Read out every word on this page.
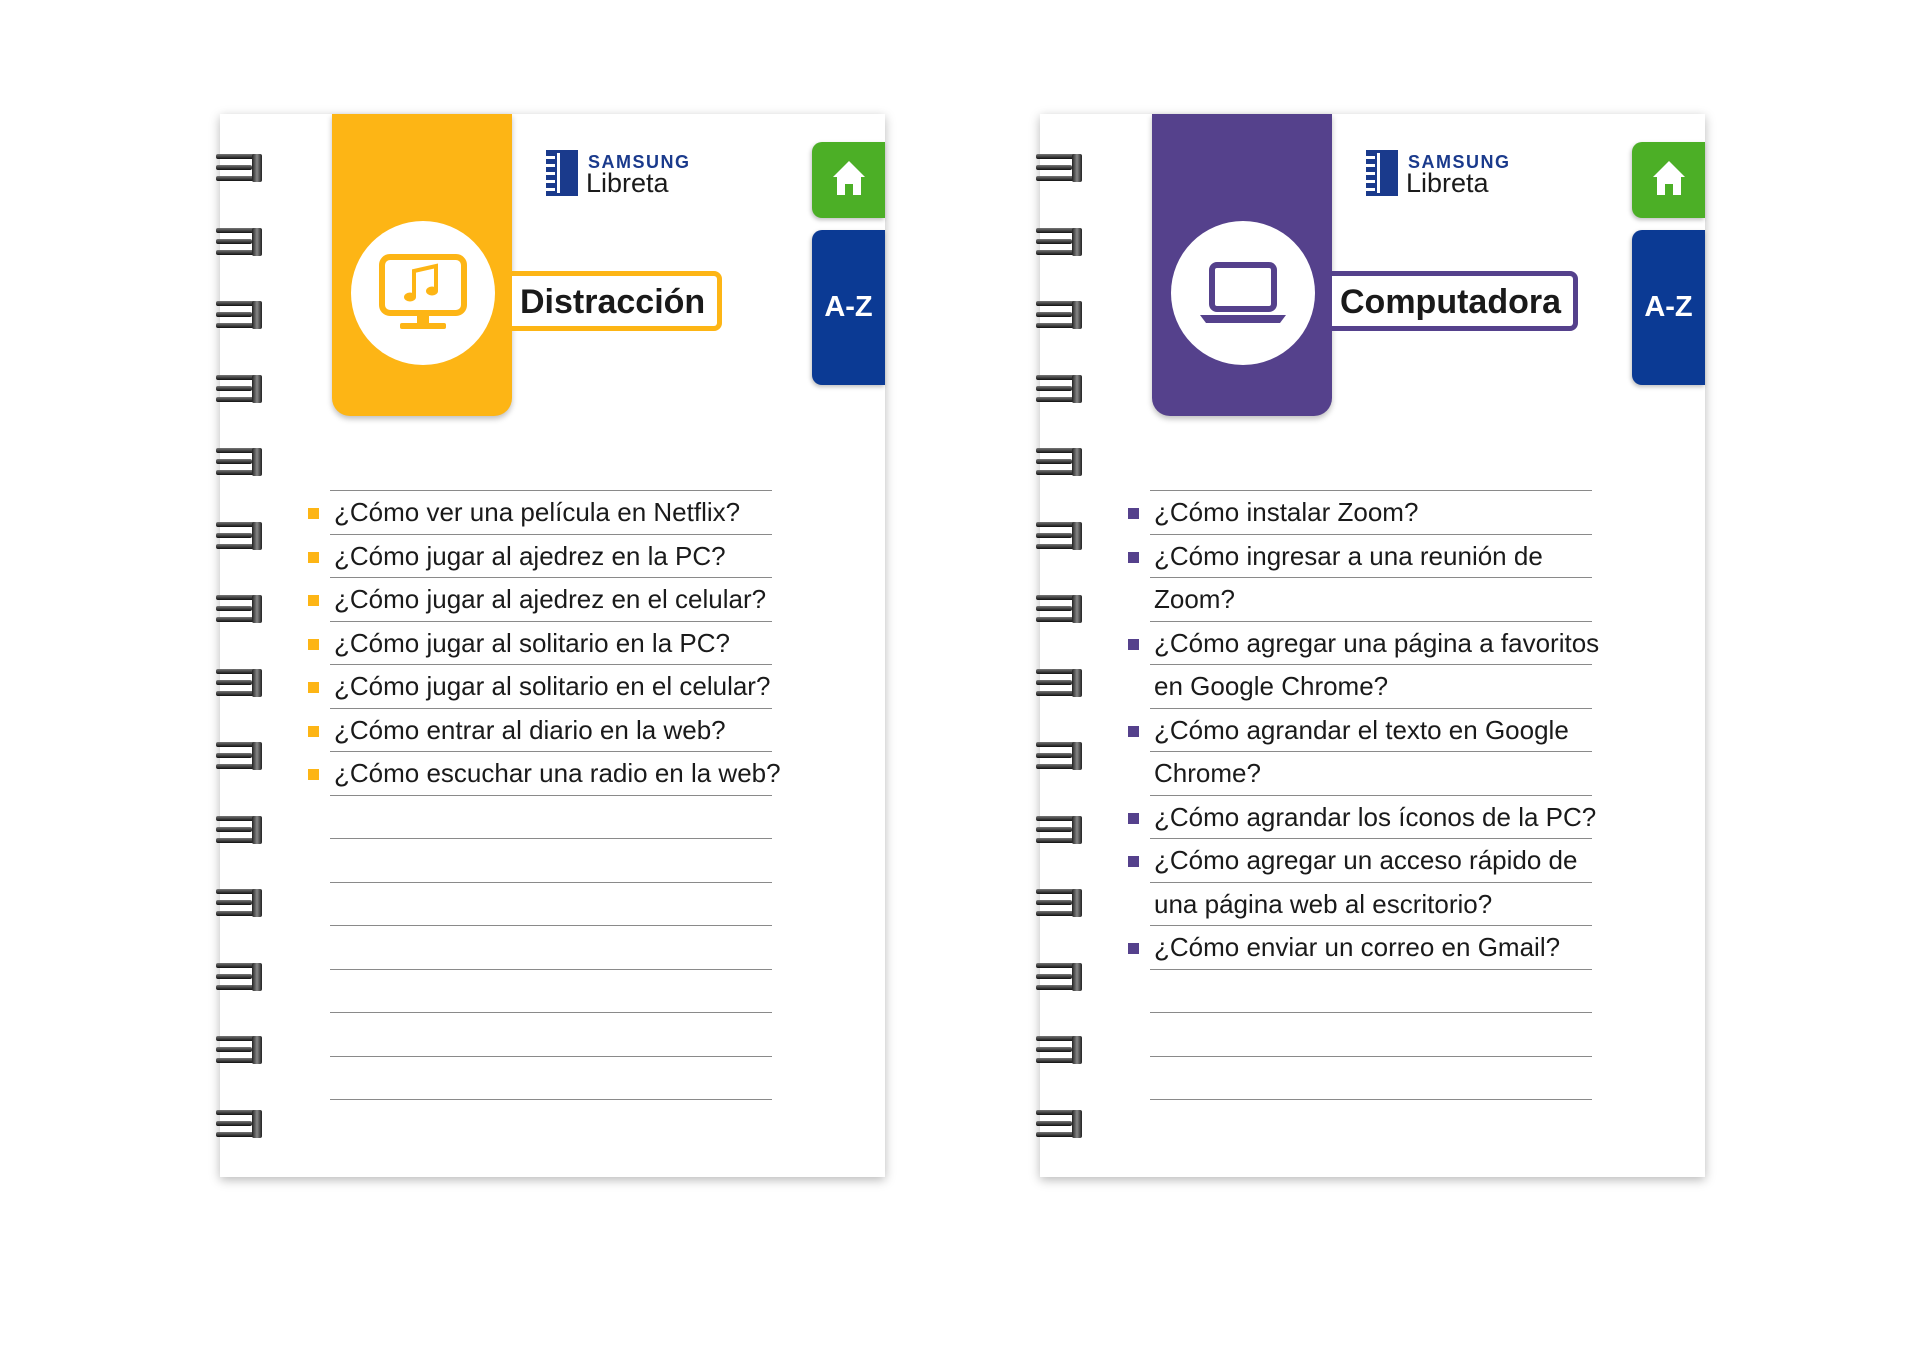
Distracción
SAMSUNG
Libreta
A-Z
¿Cómo ver una película en Netflix?
¿Cómo jugar al ajedrez en la PC?
¿Cómo jugar al ajedrez en el celular?
¿Cómo jugar al solitario en la PC?
¿Cómo jugar al solitario en el celular?
¿Cómo entrar al diario en la web?
¿Cómo escuchar una radio en la web?
Computadora
SAMSUNG
Libreta
A-Z
¿Cómo instalar Zoom?
¿Cómo ingresar a una reunión de
Zoom?
¿Cómo agregar una página a favoritos
en Google Chrome?
¿Cómo agrandar el texto en Google
Chrome?
¿Cómo agrandar los íconos de la PC?
¿Cómo agregar un acceso rápido de
una página web al escritorio?
¿Cómo enviar un correo en Gmail?
